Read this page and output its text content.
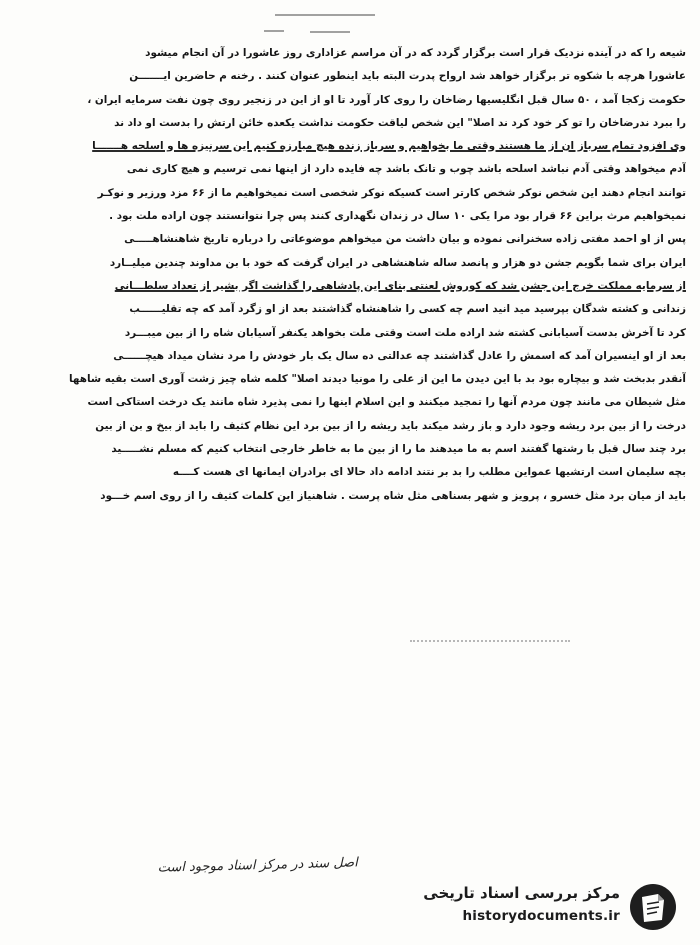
شیعه را که در آینده نزدیک قرار است برگزار گردد که در آن مراسم عزاداری روز عاشورا در آن انجام میشود
عاشورا هرچه با شکوه تر برگزار خواهد شد ارواح پدرت البته باید اینطور عنوان کنند . رخنه م حاضرین ایـــــــن
حکومت زکجا آمد ، ۵۰ سال قبل انگلیسیها رضاخان را روی کار آورد تا او از این در زنجیر روی چون نفت سرمایه ایران ،
را ببرد ندرضاخان را تو کر خود کرد ند اصلا" این شخص لیاقت حکومت نداشت یکعده خائن ارتش را بدست او داد ند
وی افزود تمام سرباز ان از ما هستند وقتی ما بخواهیم و سرباز زنده هیچ مبارزه کنیم این سرنیزه ها و اسلحه هـــــــا
آدم میخواهد وقتی آدم نباشد اسلحه باشد چوب و تانک باشد چه فایده دارد از اینها نمی ترسیم و هیچ کاری نمی
توانند انجام دهند این شخص نوکر شخص کارتر است کسیکه نوکر شخصی است نمیخواهیم ما از ۶۶ مزد ورزیر و نوکـر
نمیخواهیم مرث براین ۶۶ قرار بود مرا یکی ۱۰ سال در زندان نگهداری کنند پس چرا نتوانستند چون اراده ملت بود .
پس از او احمد مفتی زاده سخنرانی نموده و بیان داشت من میخواهم موضوعاتی را درباره تاریخ شاهنشاهـــــی
ایران برای شما بگویم جشن دو هزار و پانصد ساله شاهنشاهی در ایران گرفت که خود با بن مداوند چندین میلیــارد
از سرمایه مملکت خرج این جشن شد که کوروش لعنتی بنای این پادشاهی را گذاشت اگر بشیر از تعداد سلطـــانی
زندانی و کشته شدگان بپرسید مید انید اسم چه کسی را شاهنشاه گذاشتند بعد از او زگرد آمد که چه تقلیــــــب
کرد تا آخرش بدست آسیابانی کشته شد اراده ملت است وقتی ملت بخواهد یکنفر آسیابان شاه را از بین میبـــرد
بعد از او اینسیران آمد که اسمش را عادل گذاشتند چه عدالتی ده سال یک بار خودش را مرد نشان میداد هیچــــــی
آنقدر بدبخت شد و بیچاره بود بد با این دیدن ما این از علی را مونیا دیدند اصلا" کلمه شاه چیز زشت آوری است بقیه شاهها
مثل شیطان می مانند چون مردم آنها را تمجید میکنند و این اسلام اینها را نمی پذیرد شاه مانند یک درخت استاکی است
درخت را از بین برد ریشه وجود دارد و باز رشد میکند باید ریشه را از بین برد این نظام کثیف را باید از بیخ و بن از بین
برد چند سال قبل با رشتها گفتند اسم به ما میدهند ما را از بین ما به خاطر خارجی انتخاب کنیم که مسلم نشـــــید
بچه سلیمان است ارتشیها عمواین مطلب را بد بر نتند ادامه داد حالا ای برادران ایمانها ای هست کــــه
باید از میان برد مثل خسرو ، پرویز و شهر بسناهی مثل شاه پرست . شاهنیاز این کلمات کثیف را از روی اسم خـــود
اصل سند در مرکز اسناد موجود است
مرکز بررسی اسناد تاریخی
historydocuments.ir
